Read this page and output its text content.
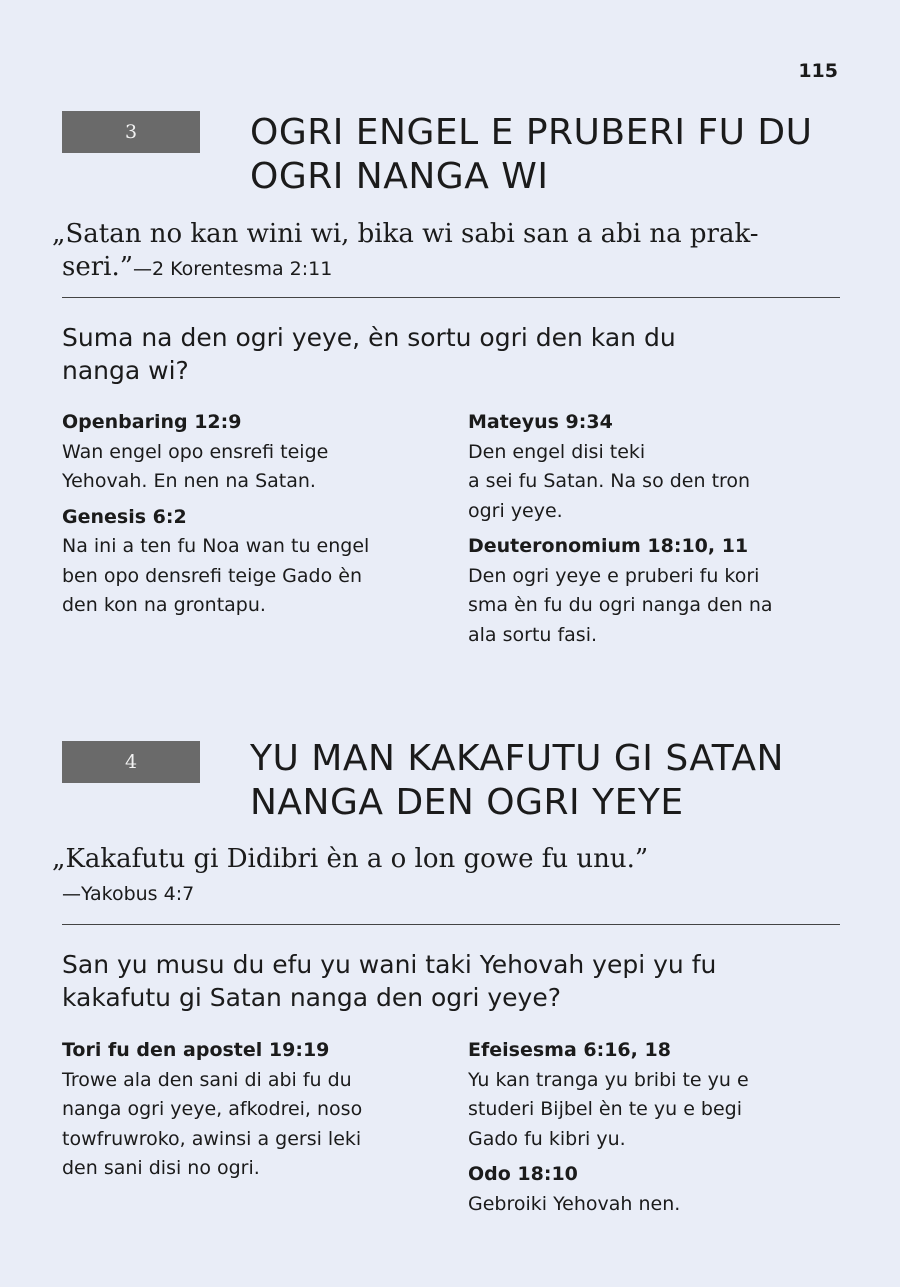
115
3	OGRI ENGEL E PRUBERI FU DU
OGRI NANGA WI
„Satan no kan wini wi, bika wi sabi san a abi na prak-
seri.”—2 Korentesma 2:11
Suma na den ogri yeye, èn sortu ogri den kan du
nanga wi?
Openbaring 12:9
Wan engel opo ensrefi teige
Yehovah. En nen na Satan.
Genesis 6:2
Na ini a ten fu Noa wan tu engel
ben opo densrefi teige Gado èn
den kon na grontapu.
Mateyus 9:34
Den engel disi teki
a sei fu Satan. Na so den tron
ogri yeye.
Deuteronomium 18:10, 11
Den ogri yeye e pruberi fu kori
sma èn fu du ogri nanga den na
ala sortu fasi.
4	YU MAN KAKAFUTU GI SATAN
NANGA DEN OGRI YEYE
„Kakafutu gi Didibri èn a o lon gowe fu unu.”
—Yakobus 4:7
San yu musu du efu yu wani taki Yehovah yepi yu fu
kakafutu gi Satan nanga den ogri yeye?
Tori fu den apostel 19:19
Trowe ala den sani di abi fu du
nanga ogri yeye, afkodrei, noso
towfruwroko, awinsi a gersi leki
den sani disi no ogri.
Efeisesma 6:16, 18
Yu kan tranga yu bribi te yu e
studeri Bijbel èn te yu e begi
Gado fu kibri yu.
Odo 18:10
Gebroiki Yehovah nen.
